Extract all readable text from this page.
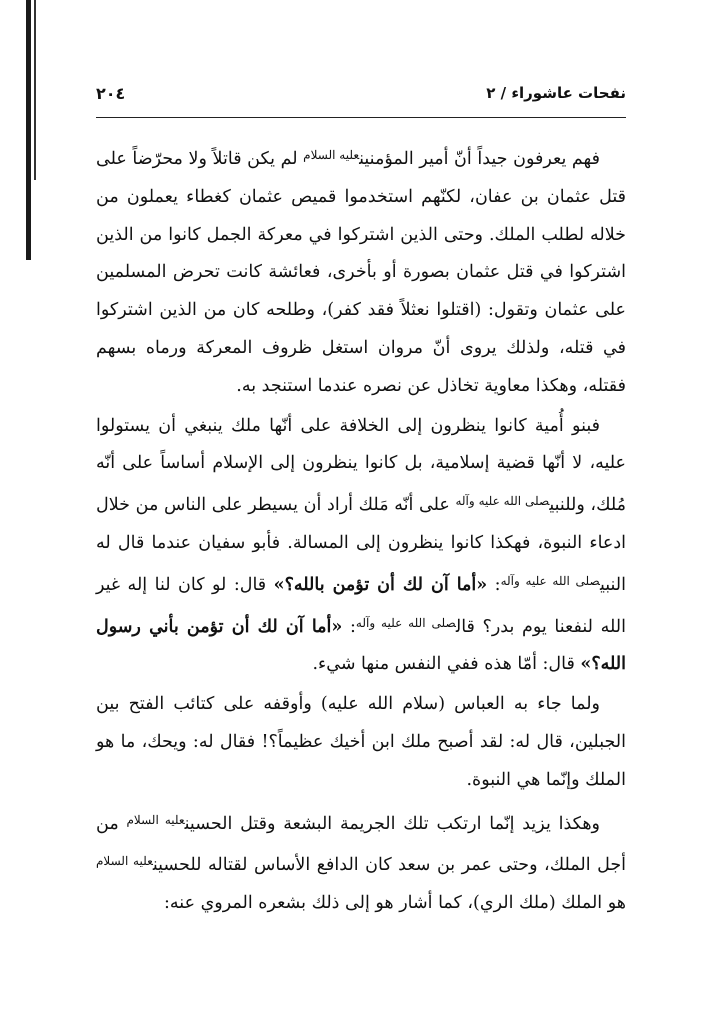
٢٠٤	نفحات عاشوراء / ٢

فهم يعرفون جيداً أنّ أمير المؤمنين$^{عليه السلام}$ لم يكن قاتلاً ولا محرّضاً على قتل عثمان بن عفان، لكنّهم استخدموا قميص عثمان كغطاء يعملون من خلاله لطلب الملك. وحتى الذين اشتركوا في معركة الجمل كانوا من الذين اشتركوا في قتل عثمان بصورة أو بأخرى، فعائشة كانت تحرض المسلمين على عثمان وتقول: (اقتلوا نعثلاً فقد كفر)، وطلحه كان من الذين اشتركوا في قتله، ولذلك يروى أنّ مروان استغل ظروف المعركة ورماه بسهم فقتله، وهكذا معاوية تخاذل عن نصره عندما استنجد به.

فبنو أُمية كانوا ينظرون إلى الخلافة على أنّها ملك ينبغي أن يستولوا عليه، لا أنّها قضية إسلامية، بل كانوا ينظرون إلى الإسلام أساساً على أنّه مُلك، وللنبي$^{صلى الله عليه وآله}$ على أنّه مَلك أراد أن يسيطر على الناس من خلال ادعاء النبوة، فهكذا كانوا ينظرون إلى المسالة. فأبو سفيان عندما قال له النبي$^{صلى الله عليه وآله}$: «أما آن لك أن تؤمن بالله؟» قال: لو كان لنا إله غير الله لنفعنا يوم بدر؟ قال$^{صلى الله عليه وآله}$: «أما آن لك أن تؤمن بأني رسول الله؟» قال: أمّا هذه ففي النفس منها شيء.

ولما جاء به العباس (سلام الله عليه) وأوقفه على كتائب الفتح بين الجبلين، قال له: لقد أصبح ملك ابن أخيك عظيماً؟! فقال له: ويحك، ما هو الملك وإنّما هي النبوة.

وهكذا يزيد إنّما ارتكب تلك الجريمة البشعة وقتل الحسين$^{عليه السلام}$ من أجل الملك، وحتى عمر بن سعد كان الدافع الأساس لقتاله للحسين$^{عليه السلام}$ هو الملك (ملك الري)، كما أشار هو إلى ذلك بشعره المروي عنه:
